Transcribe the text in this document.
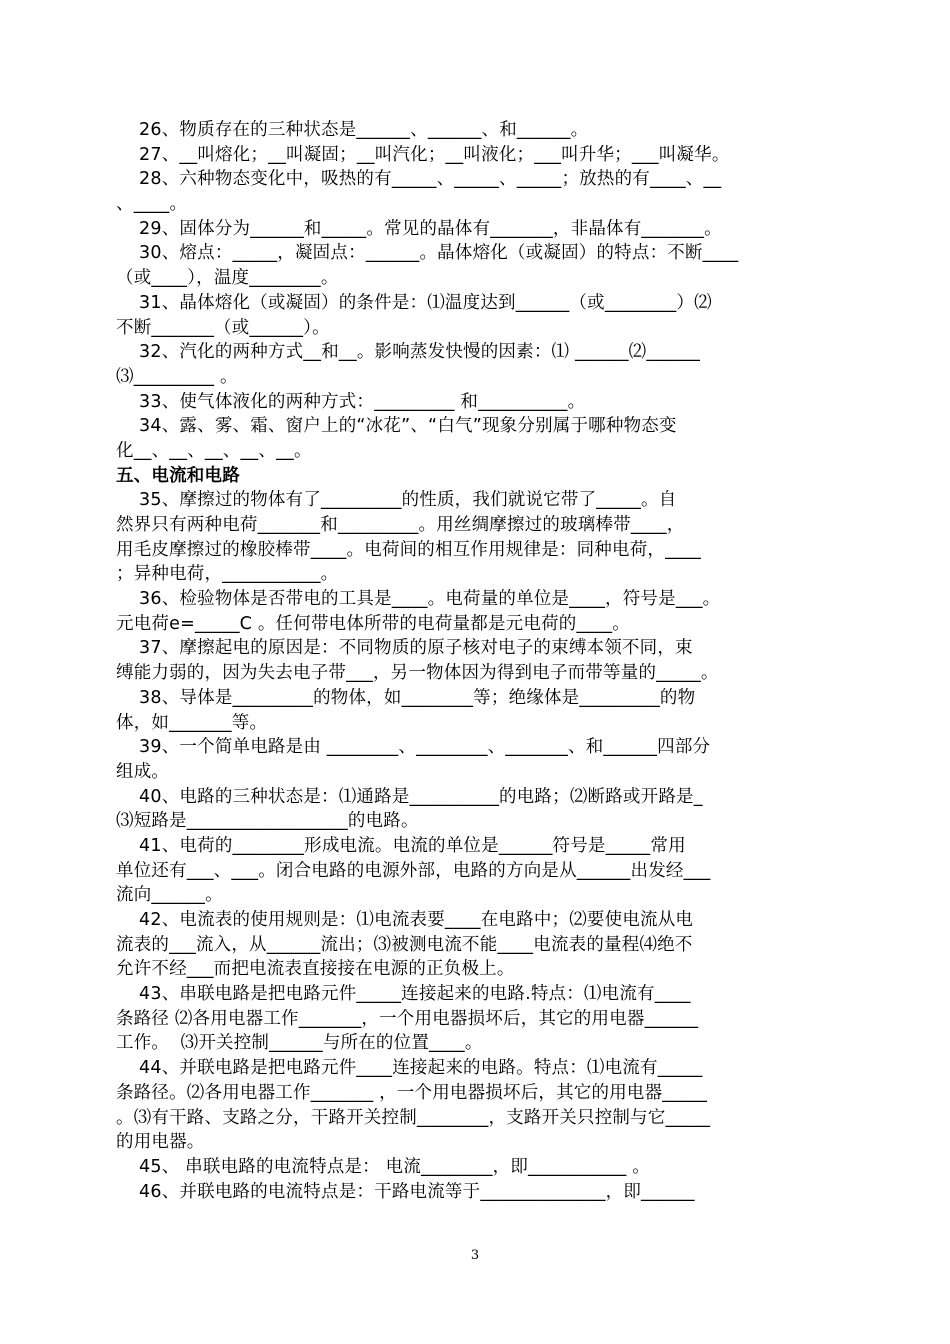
26、物质存在的三种状态是______、______、和______。
27、__叫熔化；__叫凝固；__叫汽化；__叫液化；___叫升华；___叫凝华。
28、六种物态变化中，吸热的有_____、_____、_____；放热的有____、__
、____。
29、固体分为______和_____。常见的晶体有_______，非晶体有_______。
30、熔点：_____，凝固点：______。晶体熔化（或凝固）的特点：不断____
（或____），温度________。
31、晶体熔化（或凝固）的条件是：⑴温度达到______（或________）⑵
不断_______（或______）。
32、汽化的两种方式__和__。影响蒸发快慢的因素：⑴ ______⑵______
⑶_________ 。
33、使气体液化的两种方式：_________ 和__________。
34、露、雾、霜、窗户上的“冰花”、“白气”现象分别属于哪种物态变
化__、__、__、__、__。
五、电流和电路
35、摩擦过的物体有了_________的性质，我们就说它带了_____。自
然界只有两种电荷_______和_________。用丝绸摩擦过的玻璃棒带____，
用毛皮摩擦过的橡胶棒带____。电荷间的相互作用规律是：同种电荷，____
；异种电荷，___________。
36、检验物体是否带电的工具是____。电荷量的单位是____，符号是___。
元电荷e=_____C 。任何带电体所带的电荷量都是元电荷的____。
37、摩擦起电的原因是：不同物质的原子核对电子的束缚本领不同，束
缚能力弱的，因为失去电子带___，另一物体因为得到电子而带等量的_____。
38、导体是_________的物体，如________等；绝缘体是_________的物
体，如_______等。
39、一个简单电路是由 ________、________、_______、和______四部分
组成。
40、电路的三种状态是：⑴通路是__________的电路；⑵断路或开路是_
⑶短路是__________________的电路。
41、电荷的________形成电流。电流的单位是______符号是_____常用
单位还有___、___。闭合电路的电源外部，电路的方向是从______出发经___
流向______。
42、电流表的使用规则是：⑴电流表要____在电路中；⑵要使电流从电
流表的___流入，从______流出；⑶被测电流不能____电流表的量程⑷绝不
允许不经___而把电流表直接接在电源的正负极上。
43、串联电路是把电路元件_____连接起来的电路.特点：⑴电流有____
条路径 ⑵各用电器工作_______，一个用电器损坏后，其它的用电器______
工作。  ⑶开关控制______与所在的位置____。
44、并联电路是把电路元件____连接起来的电路。特点：⑴电流有_____
条路径。⑵各用电器工作_______ ，一个用电器损坏后，其它的用电器_____
。⑶有干路、支路之分，干路开关控制________，支路开关只控制与它_____
的用电器。
45、 串联电路的电流特点是： 电流________，即___________ 。
46、并联电路的电流特点是：干路电流等于______________，即______
3
